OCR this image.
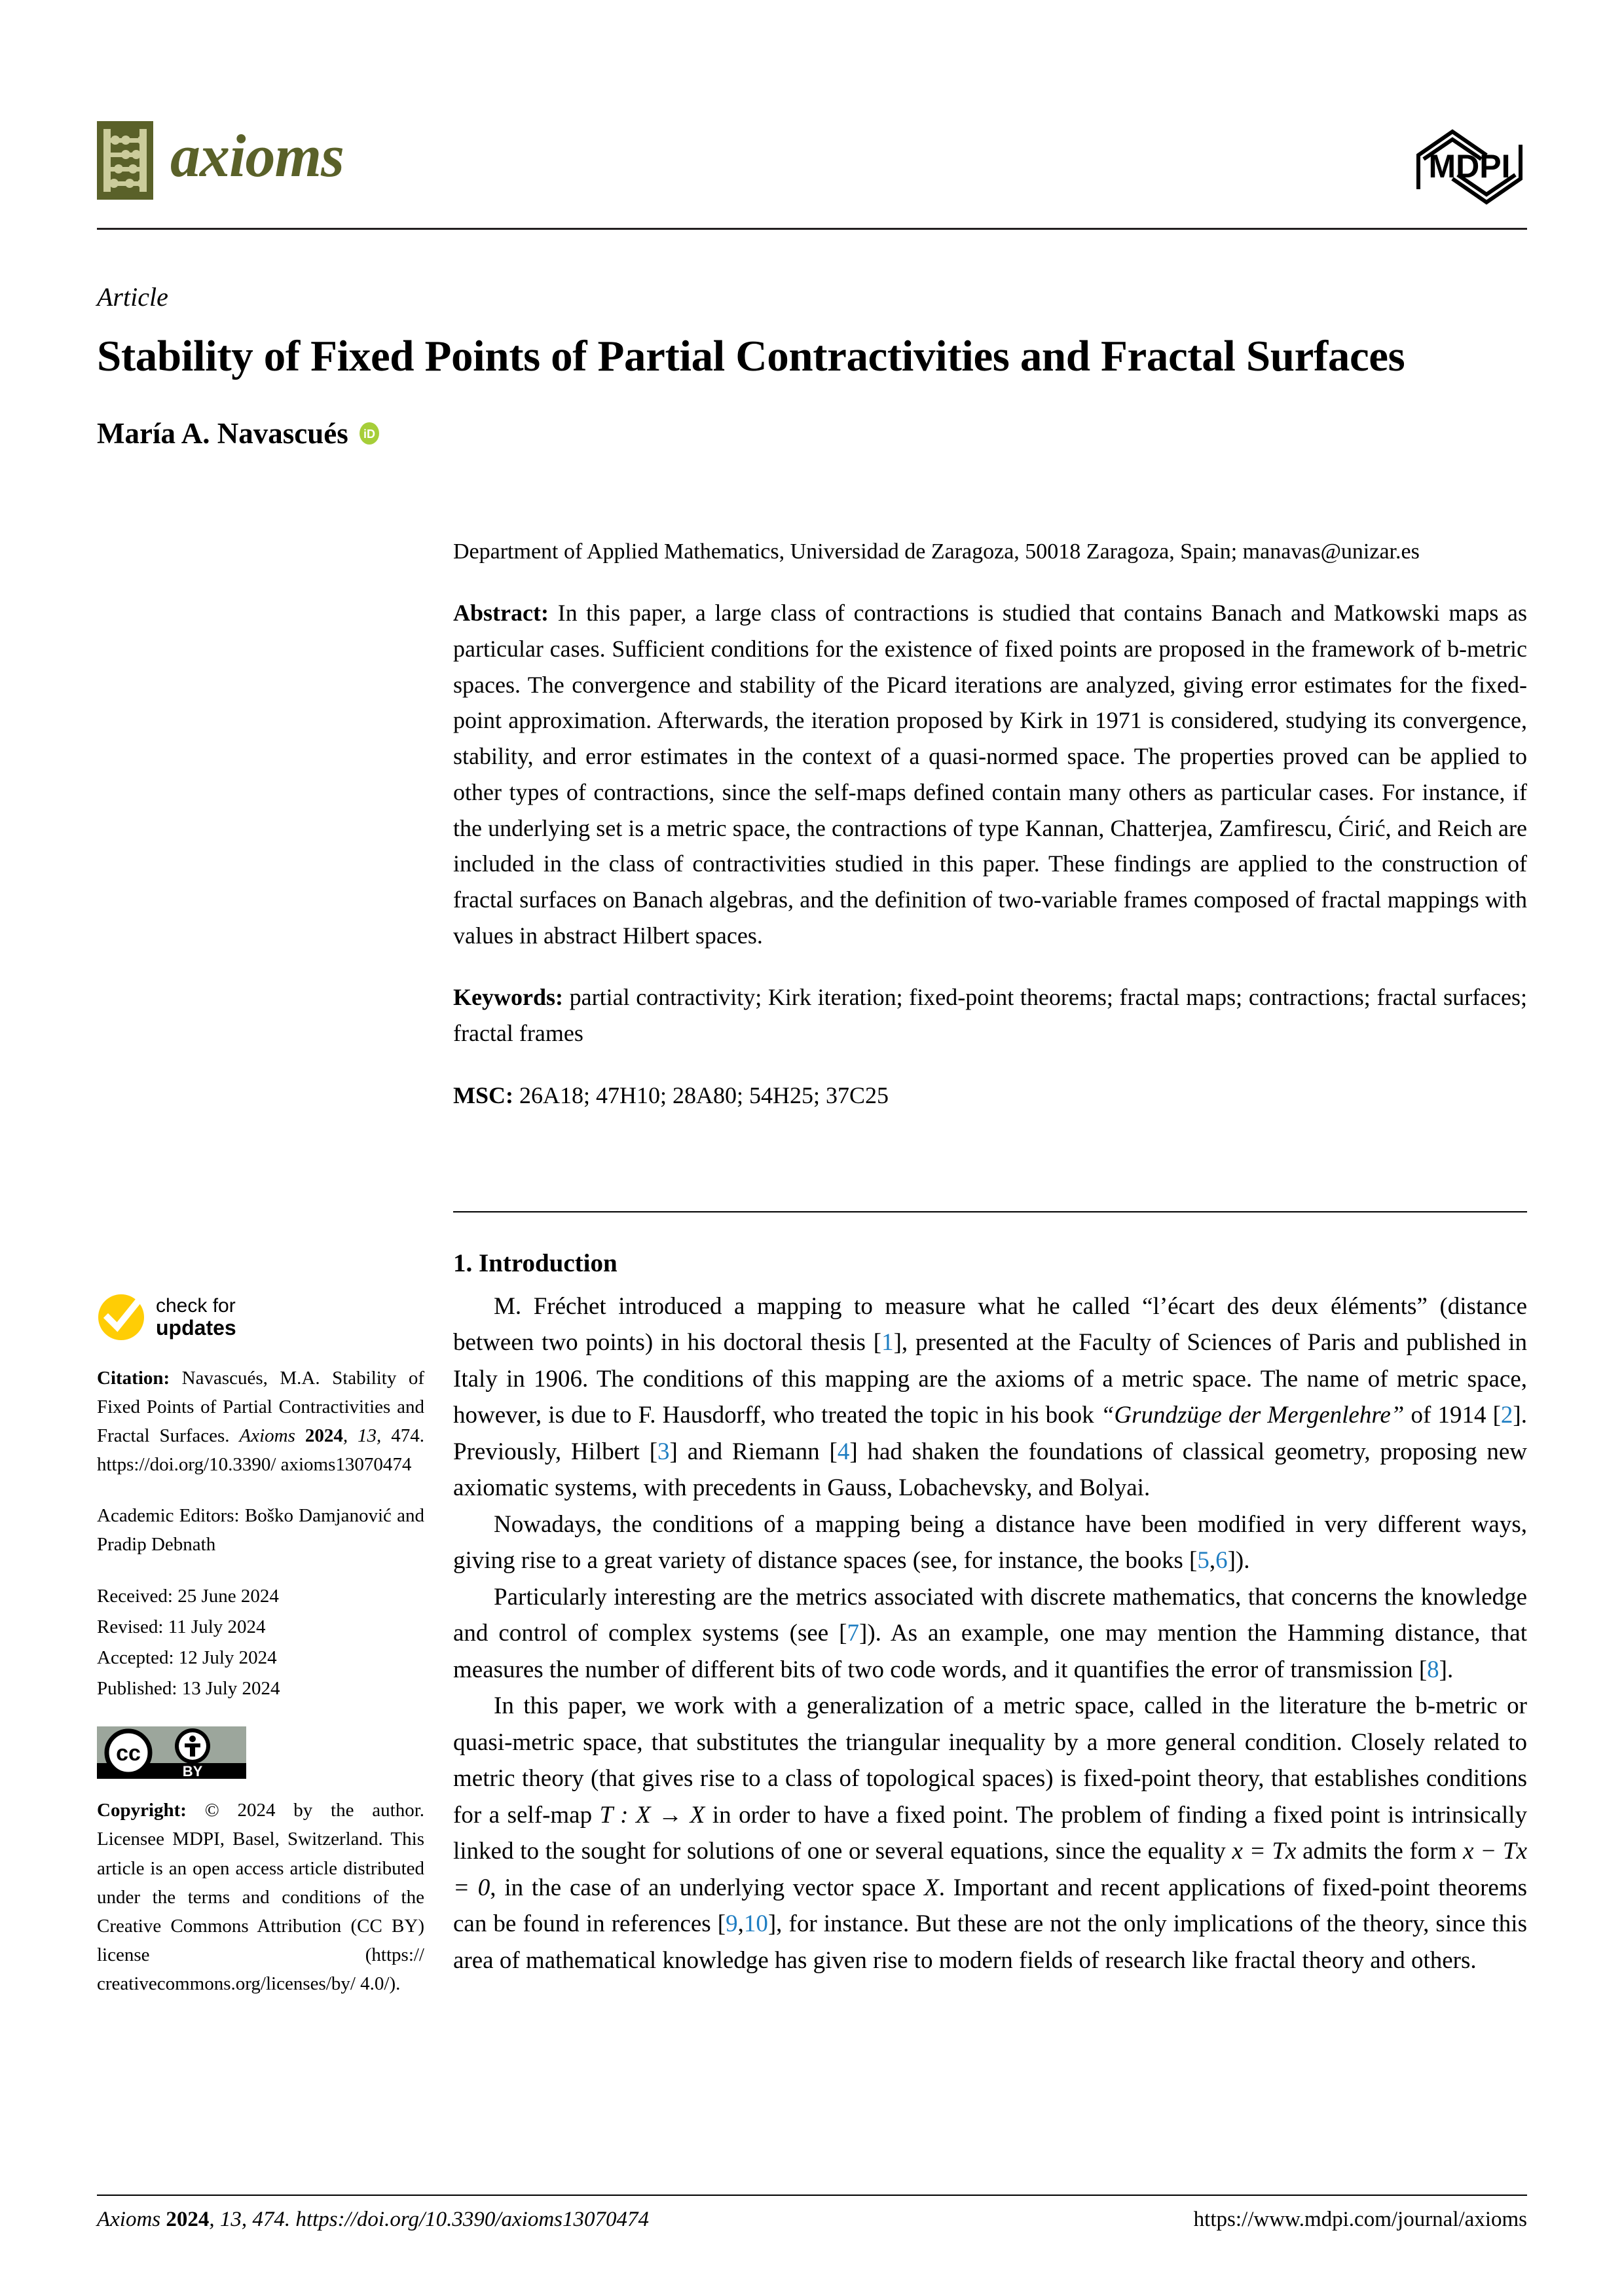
axioms	MDPI
Article
Stability of Fixed Points of Partial Contractivities and Fractal Surfaces
María A. Navascués iD
Department of Applied Mathematics, Universidad de Zaragoza, 50018 Zaragoza, Spain; manavas@unizar.es

Abstract: In this paper, a large class of contractions is studied that contains Banach and Matkowski maps as particular cases. Sufficient conditions for the existence of fixed points are proposed in the framework of b-metric spaces. The convergence and stability of the Picard iterations are analyzed, giving error estimates for the fixed-point approximation. Afterwards, the iteration proposed by Kirk in 1971 is considered, studying its convergence, stability, and error estimates in the context of a quasi-normed space. The properties proved can be applied to other types of contractions, since the self-maps defined contain many others as particular cases. For instance, if the underlying set is a metric space, the contractions of type Kannan, Chatterjea, Zamfirescu, Ćirić, and Reich are included in the class of contractivities studied in this paper. These findings are applied to the construction of fractal surfaces on Banach algebras, and the definition of two-variable frames composed of fractal mappings with values in abstract Hilbert spaces.

Keywords: partial contractivity; Kirk iteration; fixed-point theorems; fractal maps; contractions; fractal surfaces; fractal frames

MSC: 26A18; 47H10; 28A80; 54H25; 37C25

1. Introduction

M. Fréchet introduced a mapping to measure what he called “l’écart des deux éléments” (distance between two points) in his doctoral thesis [1], presented at the Faculty of Sciences of Paris and published in Italy in 1906. The conditions of this mapping are the axioms of a metric space. The name of metric space, however, is due to F. Hausdorff, who treated the topic in his book “Grundzüge der Mergenlehre” of 1914 [2]. Previously, Hilbert [3] and Riemann [4] had shaken the foundations of classical geometry, proposing new axiomatic systems, with precedents in Gauss, Lobachevsky, and Bolyai.

Nowadays, the conditions of a mapping being a distance have been modified in very different ways, giving rise to a great variety of distance spaces (see, for instance, the books [5,6]).

Particularly interesting are the metrics associated with discrete mathematics, that concerns the knowledge and control of complex systems (see [7]). As an example, one may mention the Hamming distance, that measures the number of different bits of two code words, and it quantifies the error of transmission [8].

In this paper, we work with a generalization of a metric space, called in the literature the b-metric or quasi-metric space, that substitutes the triangular inequality by a more general condition. Closely related to metric theory (that gives rise to a class of topological spaces) is fixed-point theory, that establishes conditions for a self-map T : X → X in order to have a fixed point. The problem of finding a fixed point is intrinsically linked to the sought for solutions of one or several equations, since the equality x = Tx admits the form x − Tx = 0, in the case of an underlying vector space X. Important and recent applications of fixed-point theorems can be found in references [9,10], for instance. But these are not the only implications of the theory, since this area of mathematical knowledge has given rise to modern fields of research like fractal theory and others.

check for
updates
Citation: Navascués, M.A. Stability of Fixed Points of Partial Contractivities and Fractal Surfaces. Axioms 2024, 13, 474. https://doi.org/10.3390/ axioms13070474
Academic Editors: Boško Damjanović and Pradip Debnath
Received: 25 June 2024
Revised: 11 July 2024
Accepted: 12 July 2024
Published: 13 July 2024
cc
BY
Copyright: © 2024 by the author. Licensee MDPI, Basel, Switzerland. This article is an open access article distributed under the terms and conditions of the Creative Commons Attribution (CC BY) license (https:// creativecommons.org/licenses/by/ 4.0/).
Axioms 2024, 13, 474. https://doi.org/10.3390/axioms13070474	https://www.mdpi.com/journal/axioms
